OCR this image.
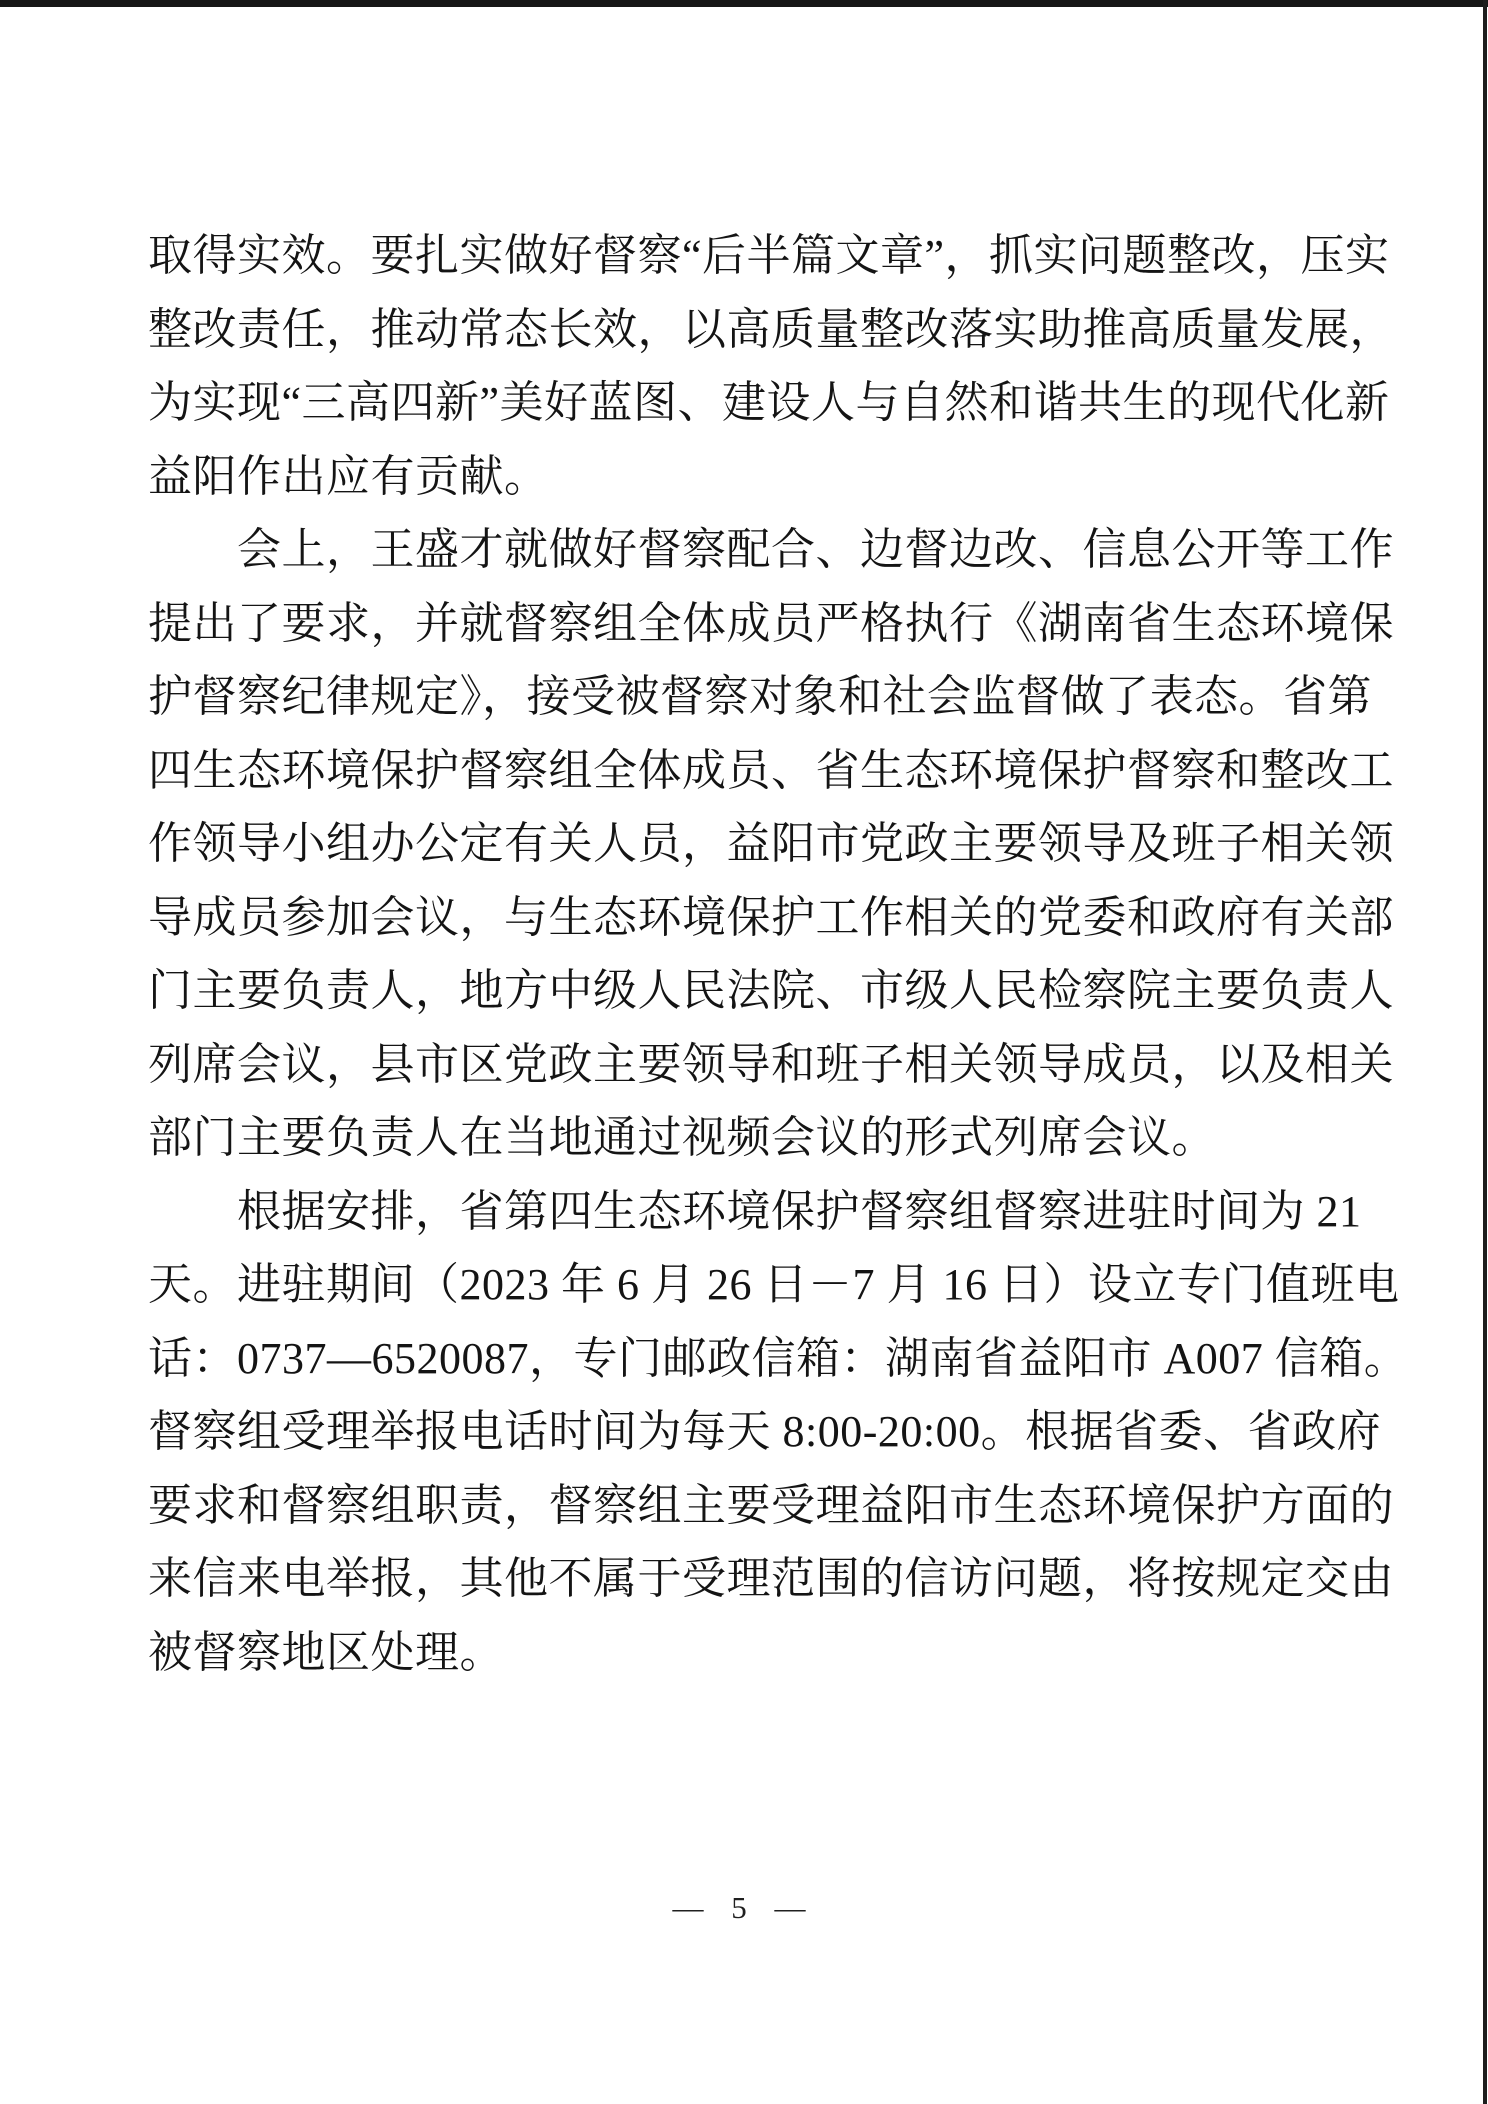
取得实效。要扎实做好督察“后半篇文章”，抓实问题整改，压实
整改责任，推动常态长效，以高质量整改落实助推高质量发展，
为实现“三高四新”美好蓝图、建设人与自然和谐共生的现代化新
益阳作出应有贡献。
会上，王盛才就做好督察配合、边督边改、信息公开等工作
提出了要求，并就督察组全体成员严格执行《湖南省生态环境保
护督察纪律规定》，接受被督察对象和社会监督做了表态。省第
四生态环境保护督察组全体成员、省生态环境保护督察和整改工
作领导小组办公定有关人员，益阳市党政主要领导及班子相关领
导成员参加会议，与生态环境保护工作相关的党委和政府有关部
门主要负责人，地方中级人民法院、市级人民检察院主要负责人
列席会议，县市区党政主要领导和班子相关领导成员，以及相关
部门主要负责人在当地通过视频会议的形式列席会议。
根据安排，省第四生态环境保护督察组督察进驻时间为 21
天。进驻期间（2023 年 6 月 26 日－7 月 16 日）设立专门值班电
话：0737—6520087，专门邮政信箱：湖南省益阳市 A007 信箱。
督察组受理举报电话时间为每天 8:00-20:00。根据省委、省政府
要求和督察组职责，督察组主要受理益阳市生态环境保护方面的
来信来电举报，其他不属于受理范围的信访问题，将按规定交由
被督察地区处理。
— 5 —
